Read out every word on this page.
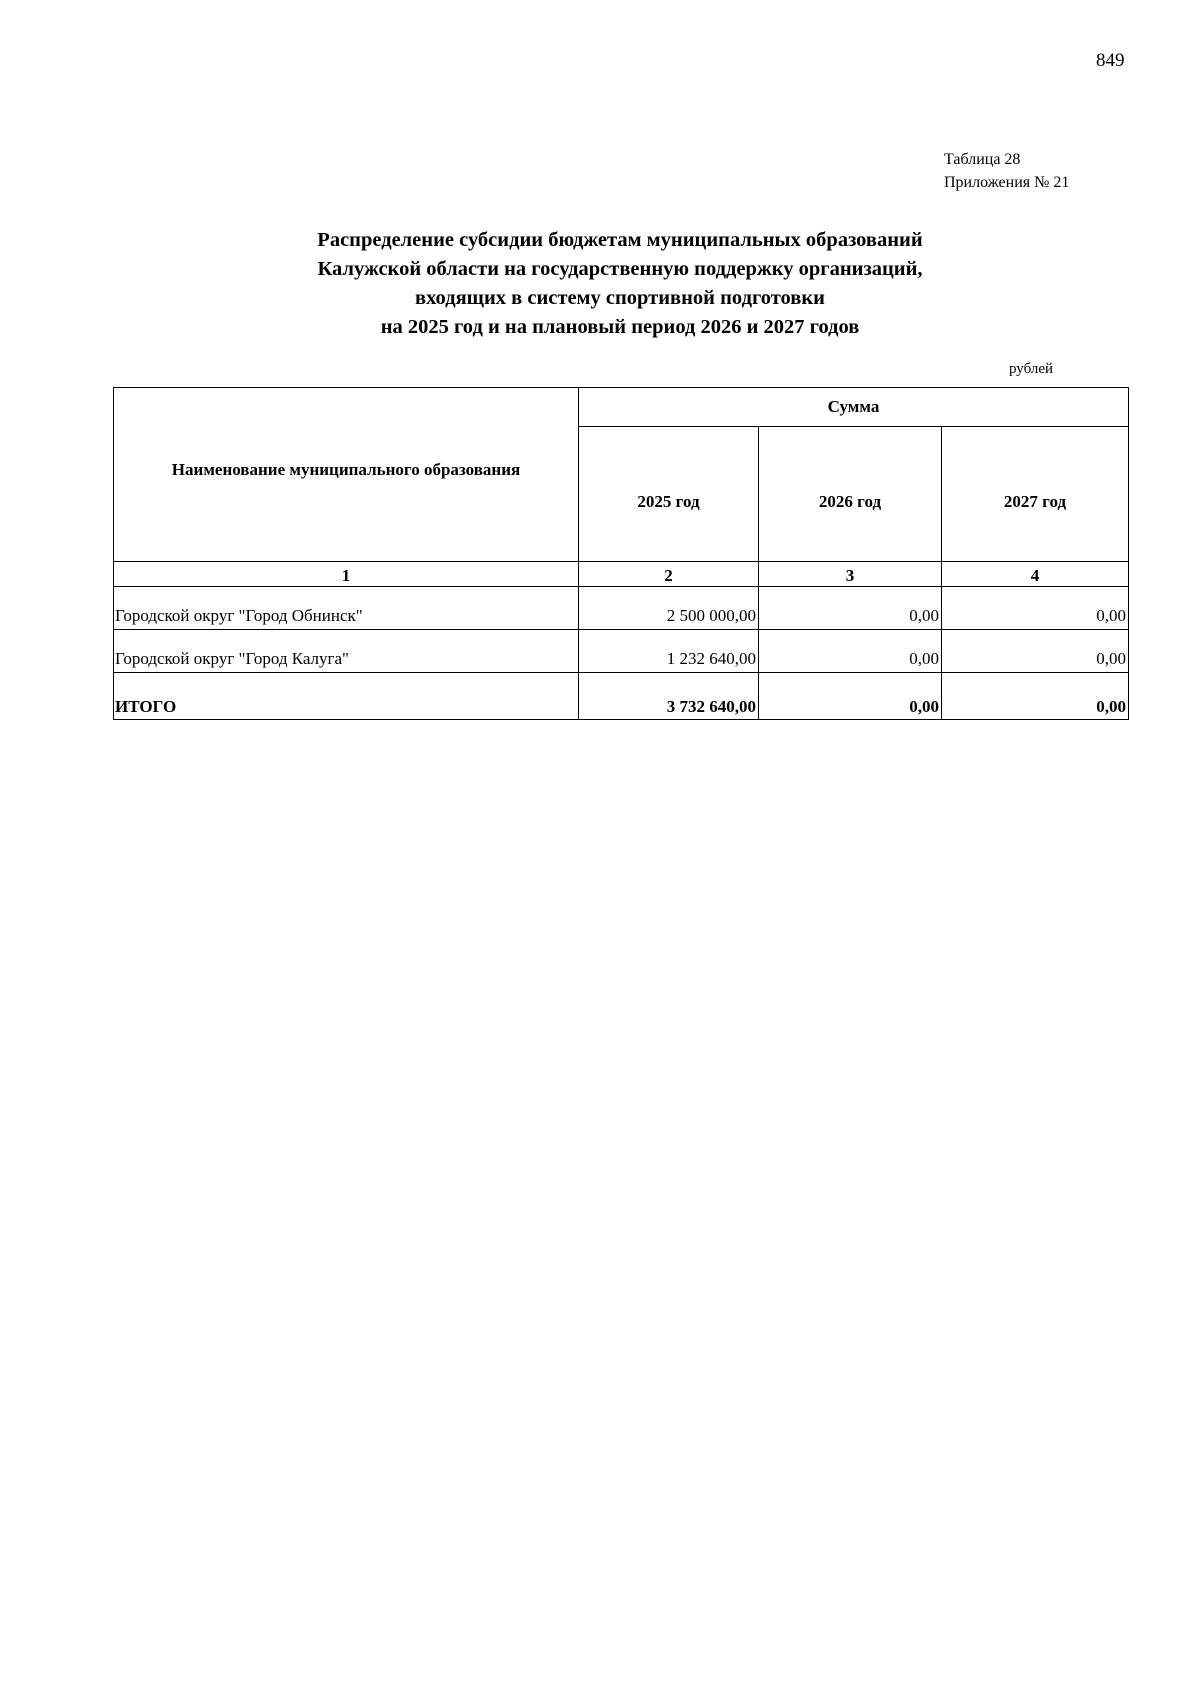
849
Таблица 28
Приложения № 21
Распределение субсидии бюджетам муниципальных образований
Калужской области на государственную поддержку организаций,
входящих в систему спортивной подготовки
на 2025 год и на плановый период 2026 и 2027 годов
рублей
Наименование муниципального образования	Сумма		
	2025 год	2026 год	2027 год
1	2	3	4
Городской округ "Город Обнинск"	2 500 000,00	0,00	0,00
Городской округ "Город Калуга"	1 232 640,00	0,00	0,00
ИТОГО	3 732 640,00	0,00	0,00
